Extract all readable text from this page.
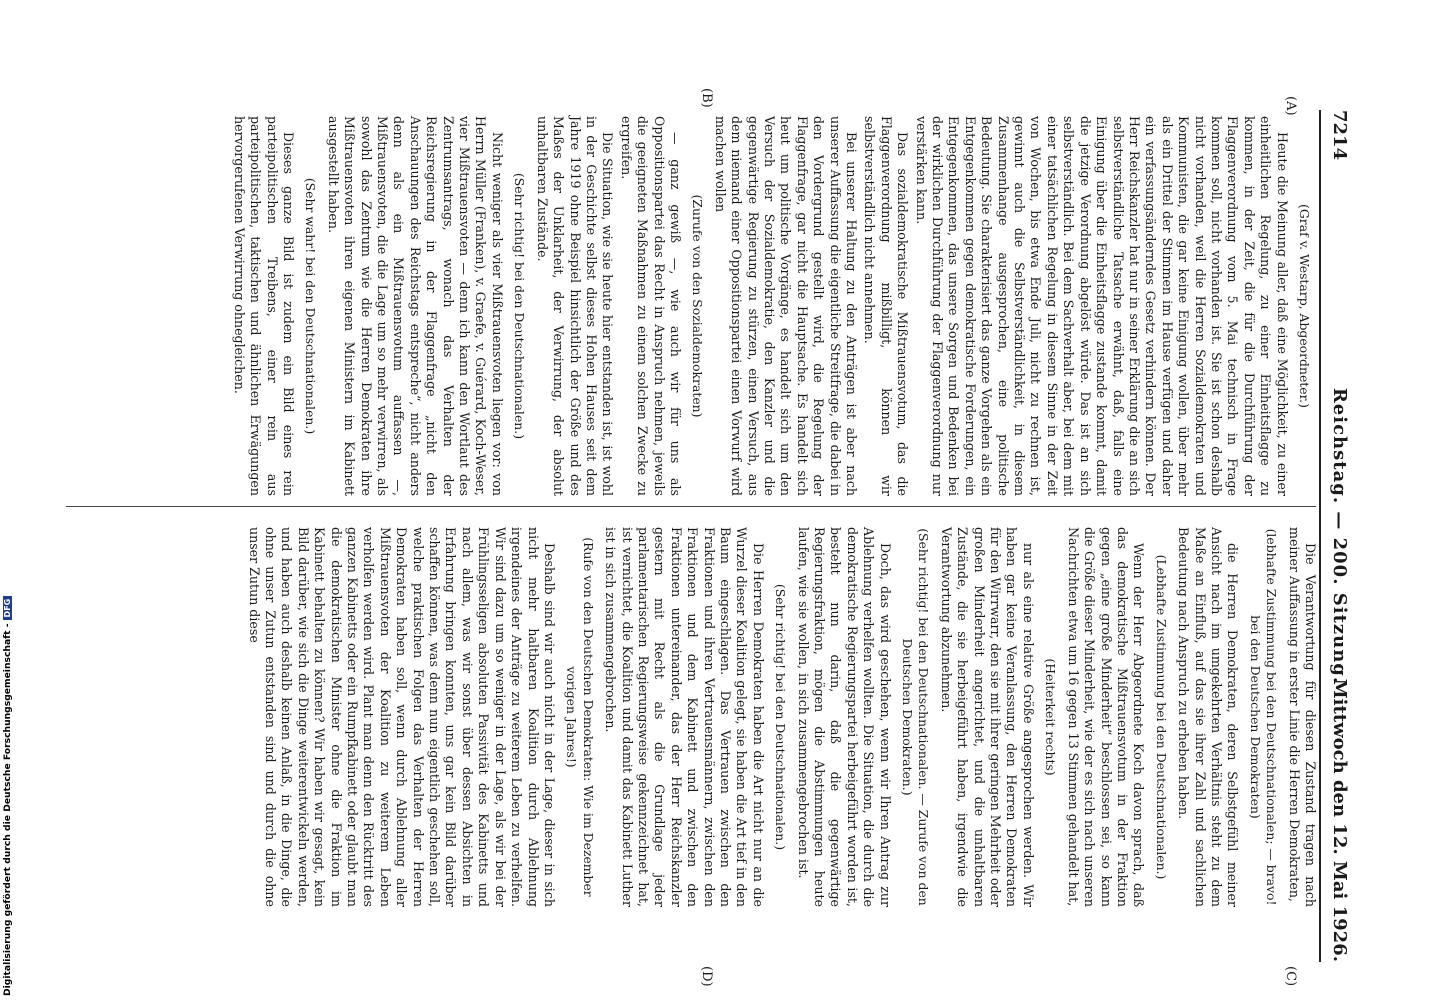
7214
Reichstag. — 200. Sitzung.
Mittwoch den 12. Mai 1926.
(A)
(B)
(C)
(D)

(Graf v. Westarp, Abgeordneter.)

Heute die Meinung aller, daß eine Möglichkeit, zu einer einheitlichen Regelung, zu einer Einheitsflagge zu kommen, in der Zeit, die für die Durchführung der Flaggenverordnung vom 5. Mai technisch in Frage kommen soll, nicht vorhanden ist. Sie ist schon deshalb nicht vorhanden, weil die Herren Sozialdemokraten und Kommunisten, die gar keine Einigung wollen, über mehr als ein Drittel der Stimmen im Hause verfügen und daher ein verfassungsänderndes Gesetz verhindern können. Der Herr Reichskanzler hat nur in seiner Erklärung die an sich selbstverständliche Tatsache erwähnt, daß, falls eine Einigung über die Einheitsflagge zustande kommt, damit die jetzige Verordnung abgelöst würde. Das ist an sich selbstverständlich. Bei dem Sachverhalt aber, bei dem mit einer tatsächlichen Regelung in diesem Sinne in der Zeit von Wochen, bis etwa Ende Juli, nicht zu rechnen ist, gewinnt auch die Selbstverständlichkeit, in diesem Zusammenhange ausgesprochen, eine politische Bedeutung. Sie charakterisiert das ganze Vorgehen als ein Entgegenkommen gegen demokratische Forderungen, ein Entgegenkommen, das unsere Sorgen und Bedenken bei der wirklichen Durchführung der Flaggenverordnung nur verstärken kann.

Das sozialdemokratische Mißtrauensvotum, das die Flaggenverordnung mißbilligt, können wir selbstverständlich nicht annehmen.

Bei unserer Haltung zu den Anträgen ist aber nach unserer Auffassung die eigentliche Streitfrage, die dabei in den Vordergrund gestellt wird, die Regelung der Flaggenfrage, gar nicht die Hauptsache. Es handelt sich heut um politische Vorgänge, es handelt sich um den Versuch der Sozialdemokratie, den Kanzler und die gegenwärtige Regierung zu stürzen, einen Versuch, aus dem niemand einer Oppositionspartei einen Vorwurf wird machen wollen

(Zurufe von den Sozialdemokraten)

— ganz gewiß —, wie auch wir für uns als Oppositionspartei das Recht in Anspruch nehmen, jeweils die geeigneten Maßnahmen zu einem solchen Zwecke zu ergreifen.

Die Situation, wie sie heute hier entstanden ist, ist wohl in der Geschichte selbst dieses Hohen Hauses seit dem Jahre 1919 ohne Beispiel hinsichtlich der Größe und des Maßes der Unklarheit, der Verwirrung, der absolut unhaltbaren Zustände.

(Sehr richtig! bei den Deutschnationalen.)

Nicht weniger als vier Mißtrauensvoten liegen vor: von Herrn Müller (Franken), v. Graefe, v. Guérard, Koch-Weser, vier Mißtrauensvoten — denn ich kann den Wortlaut des Zentrumsantrags, wonach das Verhalten der Reichsregierung in der Flaggenfrage „nicht den Anschauungen des Reichstags entspreche“, nicht anders denn als ein Mißtrauensvotum auffassen —, Mißtrauensvoten, die die Lage um so mehr verwirren, als sowohl das Zentrum wie die Herren Demokraten ihre Mißtrauensvoten ihren eigenen Ministern im Kabinett ausgestellt haben.

(Sehr wahr! bei den Deutschnationalen.)

Dieses ganze Bild ist zudem ein Bild eines rein parteipolitischen Treibens, einer rein aus parteipolitischen, taktischen und ähnlichen Erwägungen hervorgerufenen Verwirrung ohnegleichen.

Die Verantwortung für diesen Zustand tragen nach meiner Auffassung in erster Linie die Herren Demokraten,

(lebhafte Zustimmung bei den Deutschnationalen; — bravo! bei den Deutschen Demokraten)

die Herren Demokraten, deren Selbstgefühl meiner Ansicht nach im umgekehrten Verhältnis steht zu dem Maße an Einfluß, auf das sie ihrer Zahl und sachlichen Bedeutung nach Anspruch zu erheben haben.

(Lebhafte Zustimmung bei den Deutschnationalen.)

Wenn der Herr Abgeordnete Koch davon sprach, daß das demokratische Mißtrauensvotum in der Fraktion gegen „eine große Minderheit“ beschlossen sei, so kann die Größe dieser Minderheit, wie der es sich nach unseren Nachrichten etwa um 16 gegen 13 Stimmen gehandelt hat,

(Heiterkeit rechts)

nur als eine relative Größe angesprochen werden. Wir haben gar keine Veranlassung, den Herren Demokraten für den Wirrwarr, den sie mit ihrer geringen Mehrheit oder großen Minderheit angerichtet, und die unhaltbaren Zustände, die sie herbeigeführt haben, irgendwie die Verantwortung abzunehmen.

(Sehr richtig! bei den Deutschnationalen. — Zurufe von den Deutschen Demokraten.)

Doch, das wird geschehen, wenn wir Ihren Antrag zur Ablehnung verhelfen wollten. Die Situation, die durch die demokratische Regierungspartei herbeigeführt worden ist, besteht nun darin, daß die gegenwärtige Regierungsfraktion, mögen die Abstimmungen heute laufen, wie sie wollen, in sich zusammengebrochen ist.

(Sehr richtig! bei den Deutschnationalen.)

Die Herren Demokraten haben die Art nicht nur an die Wurzel dieser Koalition gelegt, sie haben die Art tief in den Baum eingeschlagen. Das Vertrauen zwischen den Fraktionen und ihren Vertrauensmännern, zwischen den Fraktionen und dem Kabinett und zwischen den Fraktionen untereinander, das der Herr Reichskanzler gestern mit Recht als die Grundlage jeder parlamentarischen Regierungsweise gekennzeichnet hat, ist vernichtet, die Koalition und damit das Kabinett Luther ist in sich zusammengebrochen.

(Rufe von den Deutschen Demokraten: Wie im Dezember vorigen Jahres!)

Deshalb sind wir auch nicht in der Lage, dieser in sich nicht mehr haltbaren Koalition durch Ablehnung irgendeines der Anträge zu weiterem Leben zu verhelfen. Wir sind dazu um so weniger in der Lage, als wir bei der Frühlingsseligen absoluten Passivität des Kabinetts und nach allem, was wir sonst über dessen Absichten in Erfahrung bringen konnten, uns gar kein Bild darüber schaffen können, was denn nun eigentlich geschehen soll, welche praktischen Folgen das Verhalten der Herren Demokraten haben soll, wenn durch Ablehnung aller Mißtrauensvoten der Koalition zu weiterem Leben verholfen werden wird. Plant man denn den Rücktritt des ganzen Kabinetts oder ein Rumpfkabinett oder glaubt man die demokratischen Minister ohne die Fraktion im Kabinett behalten zu können? Wir haben wir gesagt, kein Bild darüber, wie sich die Dinge weiterentwickeln werden, und haben auch deshalb keinen Anlaß, in die Dinge, die ohne unser Zutun entstanden sind und durch die ohne unser Zutun diese

Digitalisierung gefördert durch die Deutsche Forschungsgemeinschaft -DFG
